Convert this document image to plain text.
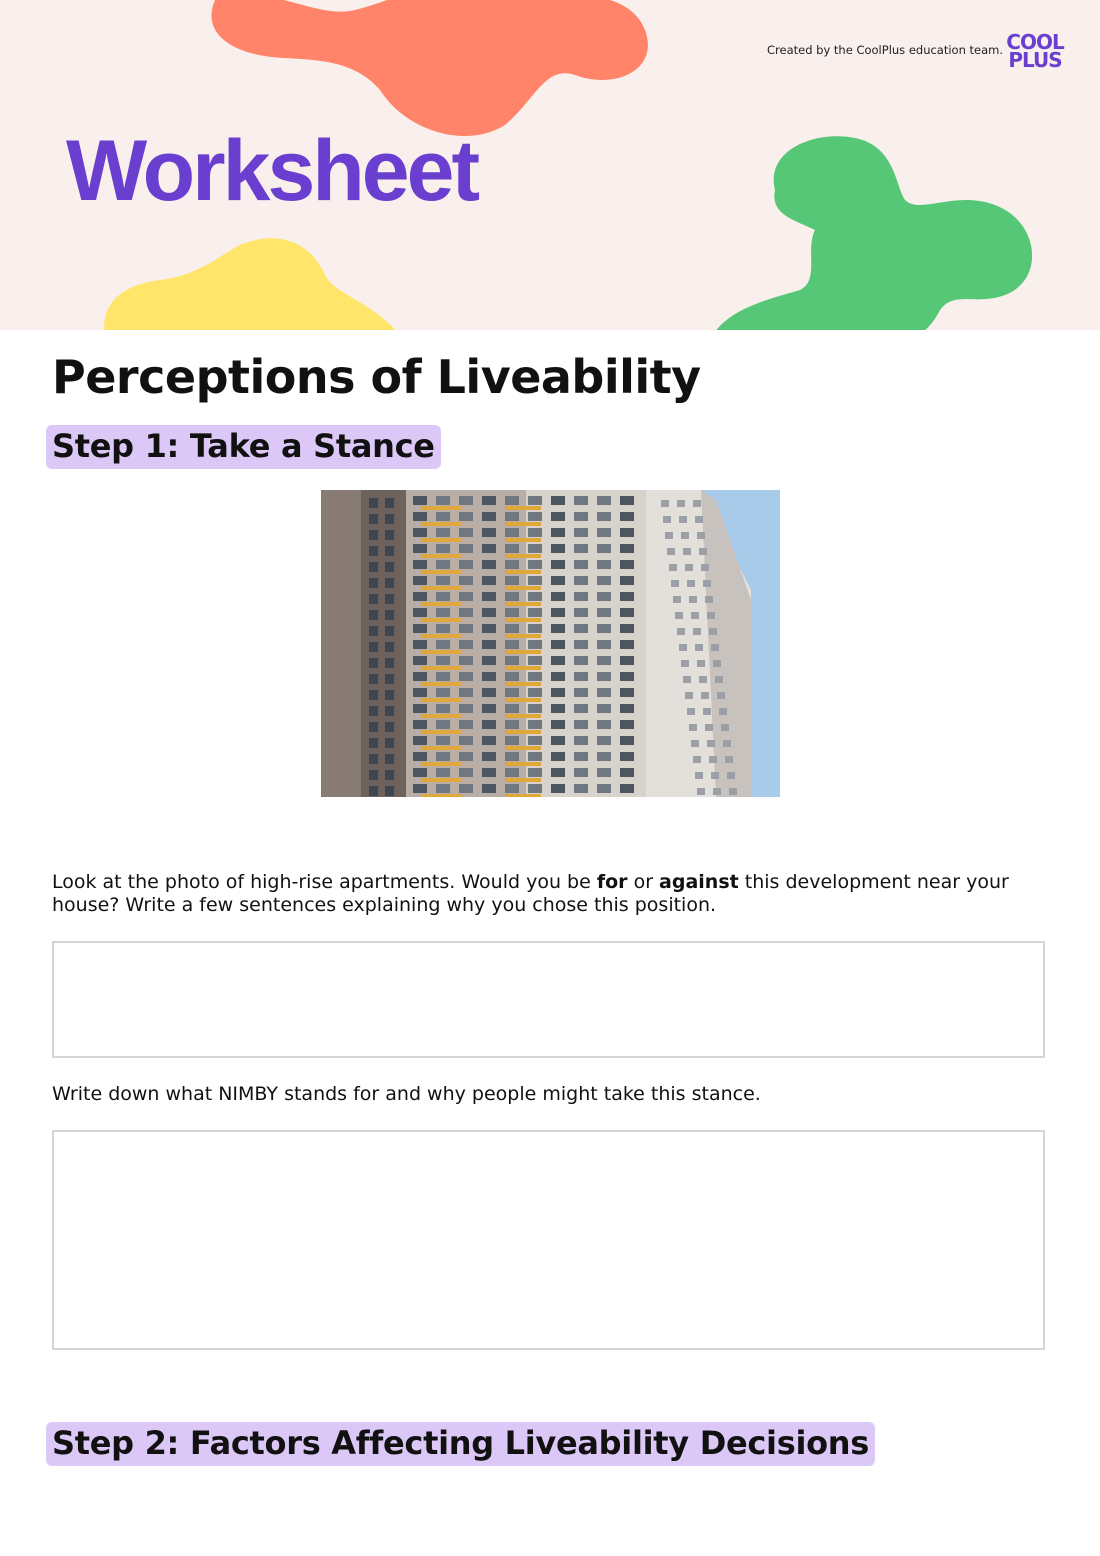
Created by the CoolPlus education team. COOL
PLUS
Worksheet
Perceptions of Liveability
Step 1: Take a Stance

Look at the photo of high-rise apartments. Would you be for or against this development near your house? Write a few sentences explaining why you chose this position.

Write down what NIMBY stands for and why people might take this stance.

Step 2: Factors Affecting Liveability Decisions
